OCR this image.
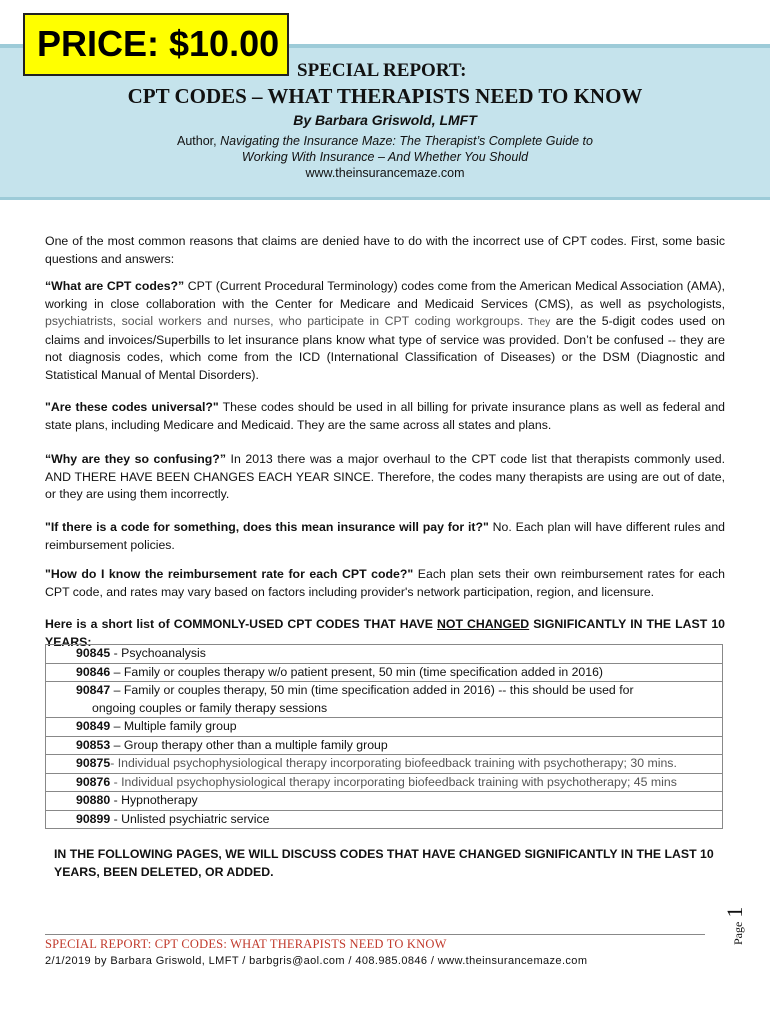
PRICE: $10.00
SPECIAL REPORT:
CPT CODES – WHAT THERAPISTS NEED TO KNOW
By Barbara Griswold, LMFT
Author, Navigating the Insurance Maze: The Therapist’s Complete Guide to
Working With Insurance – And Whether You Should
www.theinsurancemaze.com
One of the most common reasons that claims are denied have to do with the incorrect use of CPT codes. First, some basic questions and answers:
“What are CPT codes?” CPT (Current Procedural Terminology) codes come from the American Medical Association (AMA), working in close collaboration with the Center for Medicare and Medicaid Services (CMS), as well as psychologists, psychiatrists, social workers and nurses, who participate in CPT coding workgroups. They are the 5-digit codes used on claims and invoices/Superbills to let insurance plans know what type of service was provided. Don’t be confused -- they are not diagnosis codes, which come from the ICD (International Classification of Diseases) or the DSM (Diagnostic and Statistical Manual of Mental Disorders).
"Are these codes universal?" These codes should be used in all billing for private insurance plans as well as federal and state plans, including Medicare and Medicaid. They are the same across all states and plans.
“Why are they so confusing?” In 2013 there was a major overhaul to the CPT code list that therapists commonly used. AND THERE HAVE BEEN CHANGES EACH YEAR SINCE. Therefore, the codes many therapists are using are out of date, or they are using them incorrectly.
"If there is a code for something, does this mean insurance will pay for it?" No. Each plan will have different rules and reimbursement policies.
"How do I know the reimbursement rate for each CPT code?" Each plan sets their own reimbursement rates for each CPT code, and rates may vary based on factors including provider's network participation, region, and licensure.
Here is a short list of COMMONLY-USED CPT CODES THAT HAVE NOT CHANGED SIGNIFICANTLY IN THE LAST 10 YEARS:
90845 - Psychoanalysis
90846 – Family or couples therapy w/o patient present, 50 min (time specification added in 2016)
90847 – Family or couples therapy, 50 min (time specification added in 2016) -- this should be used for
ongoing couples or family therapy sessions

90849 – Multiple family group
90853 – Group therapy other than a multiple family group
90875- Individual psychophysiological therapy incorporating biofeedback training with psychotherapy; 30 mins.
90876 - Individual psychophysiological therapy incorporating biofeedback training with psychotherapy; 45 mins
90880 - Hypnotherapy
90899 - Unlisted psychiatric service
IN THE FOLLOWING PAGES, WE WILL DISCUSS CODES THAT HAVE CHANGED SIGNIFICANTLY IN THE LAST 10 YEARS, BEEN DELETED, OR ADDED.
Page 1
SPECIAL REPORT: CPT CODES: WHAT THERAPISTS NEED TO KNOW
2/1/2019 by Barbara Griswold, LMFT / barbgris@aol.com / 408.985.0846 / www.theinsurancemaze.com
